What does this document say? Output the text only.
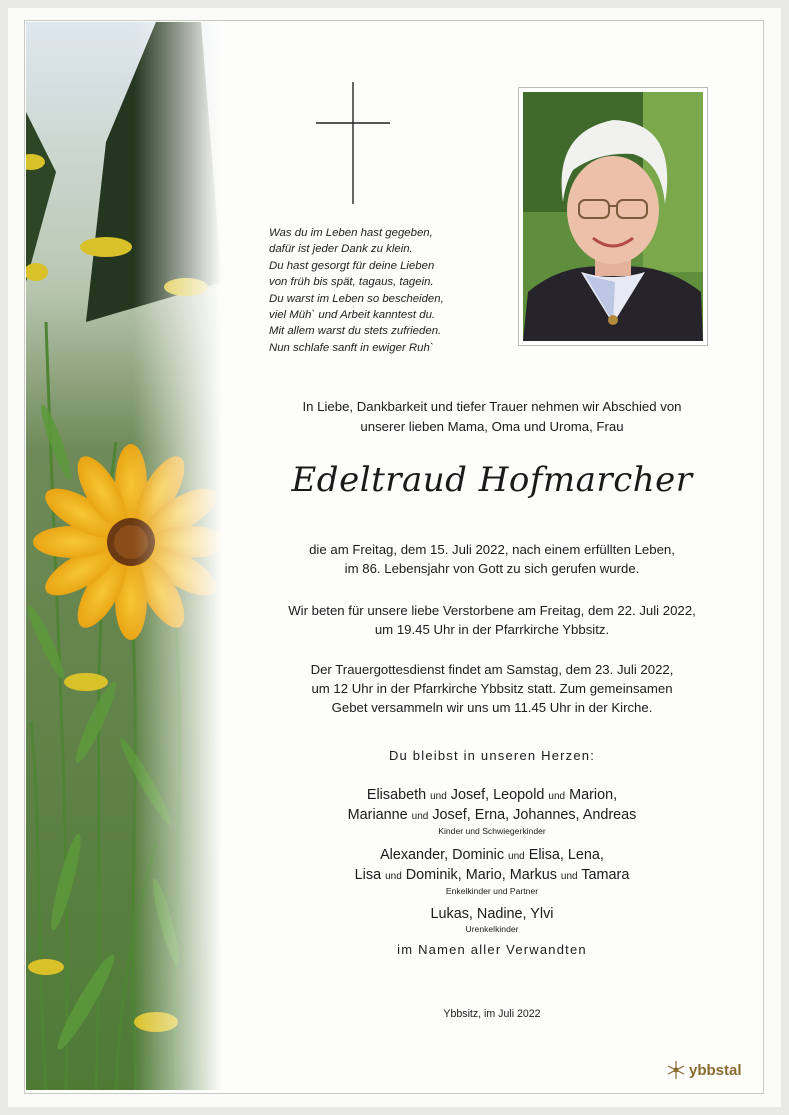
Was du im Leben hast gegeben,
dafür ist jeder Dank zu klein.
Du hast gesorgt für deine Lieben
von früh bis spät, tagaus, tagein.
Du warst im Leben so bescheiden,
viel Müh` und Arbeit kanntest du.
Mit allem warst du stets zufrieden.
Nun schlafe sanft in ewiger Ruh`
In Liebe, Dankbarkeit und tiefer Trauer nehmen wir Abschied von
unserer lieben Mama, Oma und Uroma, Frau
Edeltraud Hofmarcher
die am Freitag, dem 15. Juli 2022, nach einem erfüllten Leben,
im 86. Lebensjahr von Gott zu sich gerufen wurde.
Wir beten für unsere liebe Verstorbene am Freitag, dem 22. Juli 2022,
um 19.45 Uhr in der Pfarrkirche Ybbsitz.
Der Trauergottesdienst findet am Samstag, dem 23. Juli 2022,
um 12 Uhr in der Pfarrkirche Ybbsitz statt. Zum gemeinsamen
Gebet versammeln wir uns um 11.45 Uhr in der Kirche.
Du bleibst in unseren Herzen:
Elisabeth und Josef, Leopold und Marion,
Marianne und Josef, Erna, Johannes, Andreas
Kinder und Schwiegerkinder
Alexander, Dominic und Elisa, Lena,
Lisa und Dominik, Mario, Markus und Tamara
Enkelkinder und Partner
Lukas, Nadine, Ylvi
Urenkelkinder
im Namen aller Verwandten
Ybbsitz, im Juli 2022
ybbstal
